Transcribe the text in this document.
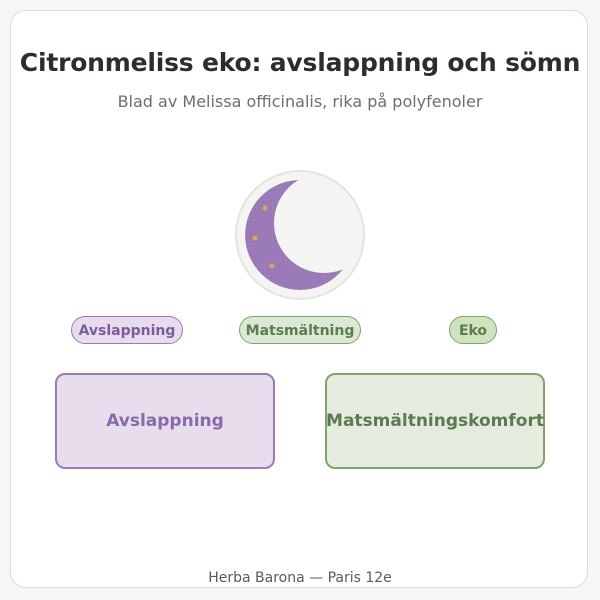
Citronmeliss eko: avslappning och sömn
Blad av Melissa officinalis, rika på polyfenoler
Avslappning	Matsmältning	Eko
Avslappning	Matsmältningskomfort
Herba Barona — Paris 12e
